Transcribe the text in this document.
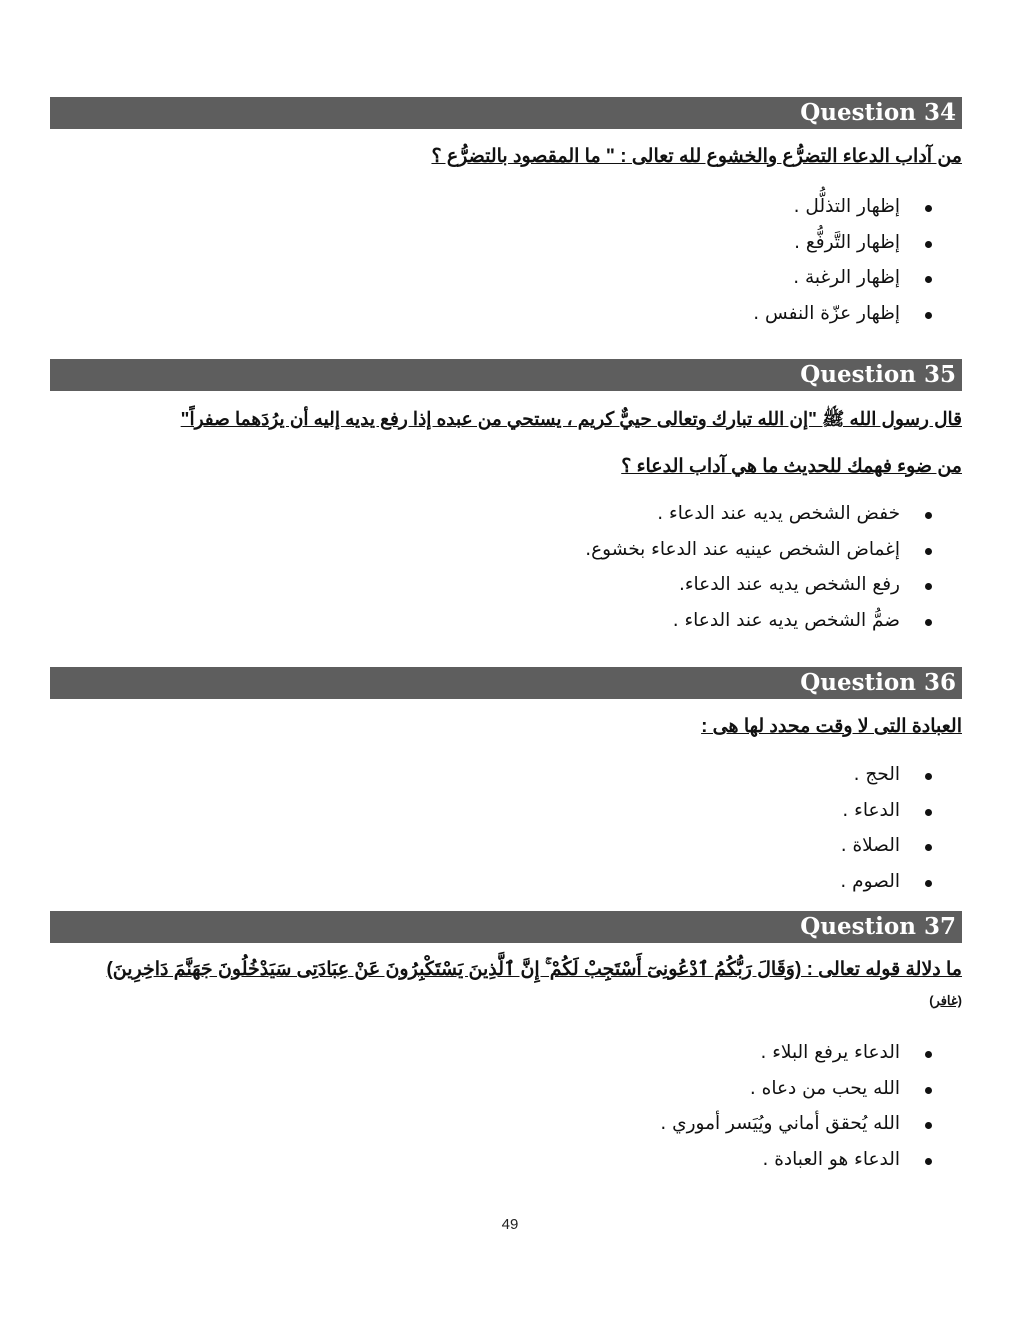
Question 34
من آداب الدعاء التضرُّع والخشوع لله تعالى : " ما المقصود بالتضرُّع ؟
إظهار التذلُّل .
إظهار التَّرفُّع .
إظهار الرغبة .
إظهار عزّة النفس .
Question 35
قال رسول الله ﷺ "إن الله تبارك وتعالى حييٌّ كريم ، يستحي من عبده إذا رفع يديه إليه أن يرُدَهما صفراً"
من ضوء فهمك للحديث ما هي آداب الدعاء ؟
خفض الشخص يديه عند الدعاء .
إغماض الشخص عينيه عند الدعاء بخشوع.
رفع الشخص يديه عند الدعاء.
ضمُّ الشخص يديه عند الدعاء .
Question 36
العبادة التى لا وقت محدد لها هى :
الحج .
الدعاء .
الصلاة .
الصوم .
Question 37
ما دلالة قوله تعالى : (وَقَالَ رَبُّكُمُ ٱدْعُونِىٓ أَسْتَجِبْ لَكُمْ ۚ إِنَّ ٱلَّذِينَ يَسْتَكْبِرُونَ عَنْ عِبَادَتِى سَيَدْخُلُونَ جَهَنَّمَ دَاخِرِينَ) (غافر)
الدعاء يرفع البلاء .
الله يحب من دعاه .
الله يُحقق أماني ويُيَسر أموري .
الدعاء هو العبادة .
49
